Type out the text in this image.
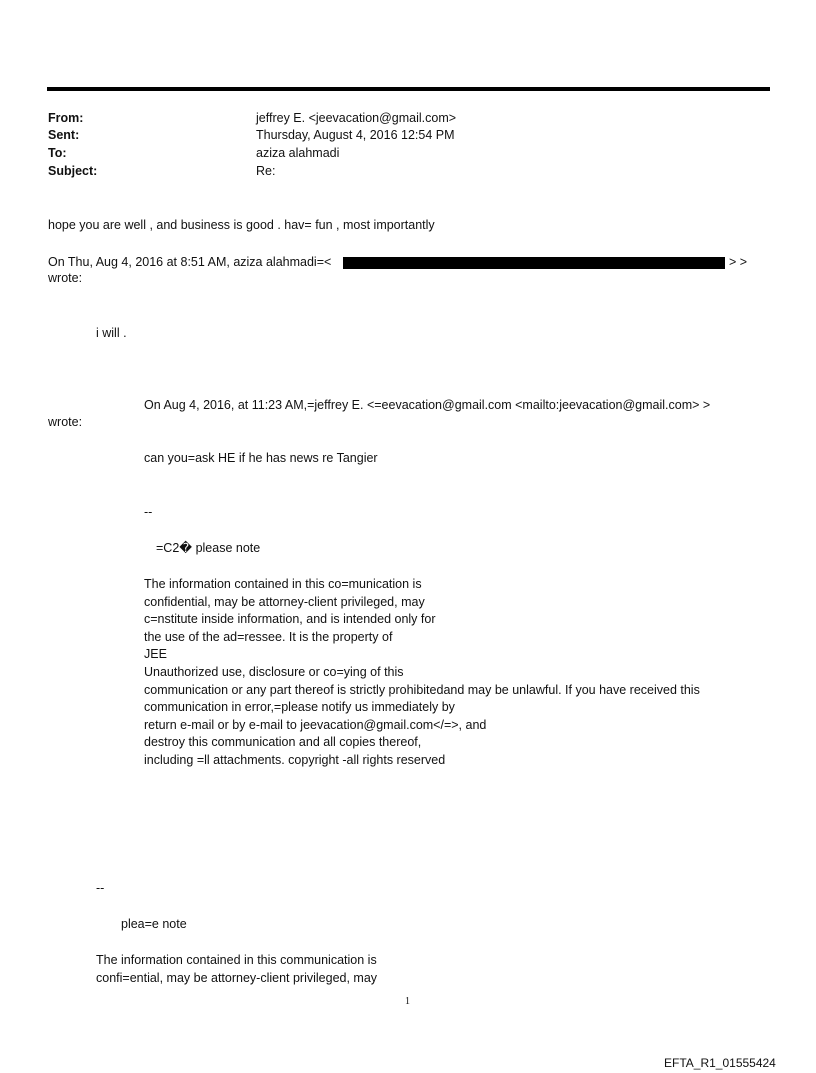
From:	jeffrey E. <jeevacation@gmail.com>
Sent:	Thursday, August 4, 2016 12:54 PM
To:	aziza alahmadi
Subject:	Re:
hope you are well , and business is good . hav= fun , most importantly
On Thu, Aug 4, 2016 at 8:51 AM, aziza alahmadi=<	> >
wrote:
i will .
On Aug 4, 2016, at 11:23 AM,=jeffrey E. <=eevacation@gmail.com <mailto:jeevacation@gmail.com> >
wrote:
can you=ask HE if he has news re Tangier
--
=C2� please note
The information contained in this co=munication is
confidential, may be attorney-client privileged, may
c=nstitute inside information, and is intended only for
the use of the ad=ressee. It is the property of
JEE
Unauthorized use, disclosure or co=ying of this
communication or any part thereof is strictly prohibitedand may be unlawful. If you have received this
communication in error,=please notify us immediately by
return e-mail or by e-mail to jeevacation@gmail.com</=>, and
destroy this communication and all copies thereof,
including =ll attachments. copyright -all rights reserved
--
plea=e note
The information contained in this communication is
confi=ential, may be attorney-client privileged, may
1
EFTA_R1_01555424
